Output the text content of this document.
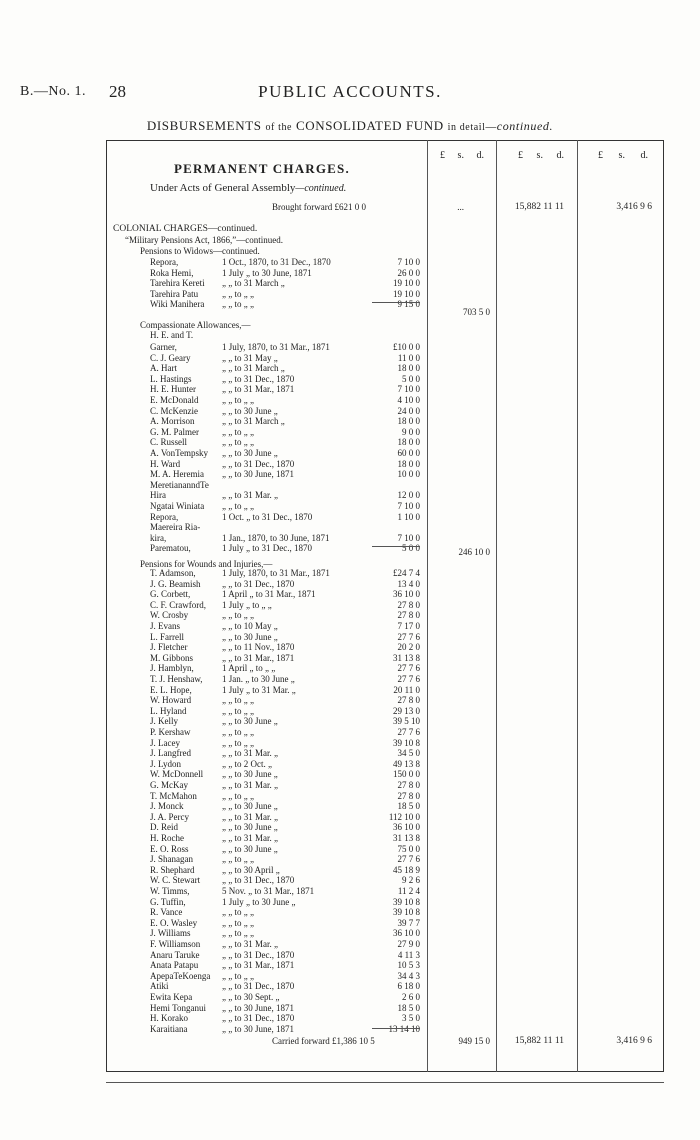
B.—No. 1. 28	PUBLIC ACCOUNTS.
DISBURSEMENTS of the CONSOLIDATED FUND in detail—continued.
£ s. d.	£ s. d.	£ s. d.
PERMANENT CHARGES.
Under Acts of General Assembly—continued.
Brought forward £621 0 0	...	15,882 11 11	3,416 9 6
COLONIAL CHARGES—continued.
“Military Pensions Act, 1866,”—continued.
Pensions to Widows—continued.
Repora,	1 Oct., 1870, to 31 Dec., 1870	7 10 0
Roka Hemi,	1 July „ to 30 June, 1871	26 0 0
Tarehira Kereti „ „ to 31 March „	19 10 0
Tarehira Patu	„ „ to „ „	19 10 0
Wiki Manihera „ „ to „ „	9 15 0
703 5 0
Compassionate Allowances,—
H. E. and T.
Garner,	1 July, 1870, to 31 Mar., 1871	£10 0 0
C. J. Geary	„ „ to 31 May „	11 0 0
A. Hart	„ „ to 31 March „	18 0 0
L. Hastings	„ „ to 31 Dec., 1870	5 0 0
H. E. Hunter	„ „ to 31 Mar., 1871	7 10 0
E. McDonald	„ „ to „ „	4 10 0
C. McKenzie	„ „ to 30 June „	24 0 0
A. Morrison	„ „ to 31 March „	18 0 0
G. M. Palmer	„ „ to „ „	9 0 0
C. Russell	„ „ to „ „	18 0 0
A. VonTempsky „ „ to 30 June „	60 0 0
H. Ward	„ „ to 31 Dec., 1870	18 0 0
M. A. Heremia „ „ to 30 June, 1871	10 0 0
MeretiananndTe
Hira	„ „ to 31 Mar. „	12 0 0
Ngatai Winiata „ „ to „ „	7 10 0
Repora,	1 Oct. „ to 31 Dec., 1870	1 10 0
Maereira Ria-
kira,	1 Jan., 1870, to 30 June, 1871	7 10 0
Parematou,	1 July „ to 31 Dec., 1870	5 0 0	246 10 0
Pensions for Wounds and Injuries,—
T. Adamson,	1 July, 1870, to 31 Mar., 1871	£24 7 4
J. G. Beamish „ „ to 31 Dec., 1870	13 4 0
G. Corbett,	1 April „ to 31 Mar., 1871	36 10 0
C. F. Crawford, 1 July „ to „ „	27 8 0
W. Crosby	„ „ to „ „	27 8 0
J. Evans	„ „ to 10 May „	7 17 0
L. Farrell	„ „ to 30 June „	27 7 6
J. Fletcher	„ „ to 11 Nov., 1870	20 2 0
M. Gibbons	„ „ to 31 Mar., 1871	31 13 8
J. Hamblyn,	1 April „ to „ „	27 7 6
T. J. Henshaw, 1 Jan. „ to 30 June „	27 7 6
E. L. Hope,	1 July „ to 31 Mar. „	20 11 0
W. Howard	„ „ to „ „	27 8 0
L. Hyland	„ „ to „ „	29 13 0
J. Kelly	„ „ to 30 June „	39 5 10
P. Kershaw	„ „ to „ „	27 7 6
J. Lacey	„ „ to „ „	39 10 8
J. Langfred	„ „ to 31 Mar. „	34 5 0
J. Lydon	„ „ to 2 Oct. „	49 13 8
W. McDonnell „ „ to 30 June „	150 0 0
G. McKay	„ „ to 31 Mar. „	27 8 0
T. McMahon	„ „ to „ „	27 8 0
J. Monck	„ „ to 30 June „	18 5 0
J. A. Percy	„ „ to 31 Mar. „	112 10 0
D. Reid	„ „ to 30 June „	36 10 0
H. Roche	„ „ to 31 Mar. „	31 13 8
E. O. Ross	„ „ to 30 June „	75 0 0
J. Shanagan	„ „ to „ „	27 7 6
R. Shephard	„ „ to 30 April „	45 18 9
W. C. Stewart „ „ to 31 Dec., 1870	9 2 6
W. Timms,	5 Nov. „ to 31 Mar., 1871	11 2 4
G. Tuffin,	1 July „ to 30 June „	39 10 8
R. Vance	„ „ to „ „	39 10 8
E. O. Wasley	„ „ to „ „	39 7 7
J. Williams	„ „ to „ „	36 10 0
F. Williamson „ „ to 31 Mar. „	27 9 0
Anaru Taruke	„ „ to 31 Dec., 1870	4 11 3
Anata Patapu	„ „ to 31 Mar., 1871	10 5 3
ApeраTeKoenga „ „ to „ „	34 4 3
Atiki	„ „ to 31 Dec., 1870	6 18 0
Ewita Kepa	„ „ to 30 Sept. „	2 6 0
Hemi Tonganui „ „ to 30 June, 1871	18 5 0
H. Korako	„ „ to 31 Dec., 1870	3 5 0
Karaitiana	„ „ to 30 June, 1871	13 14 10
Carried forward £1,386 10 5	949 15 0	15,882 11 11	3,416 9 6
